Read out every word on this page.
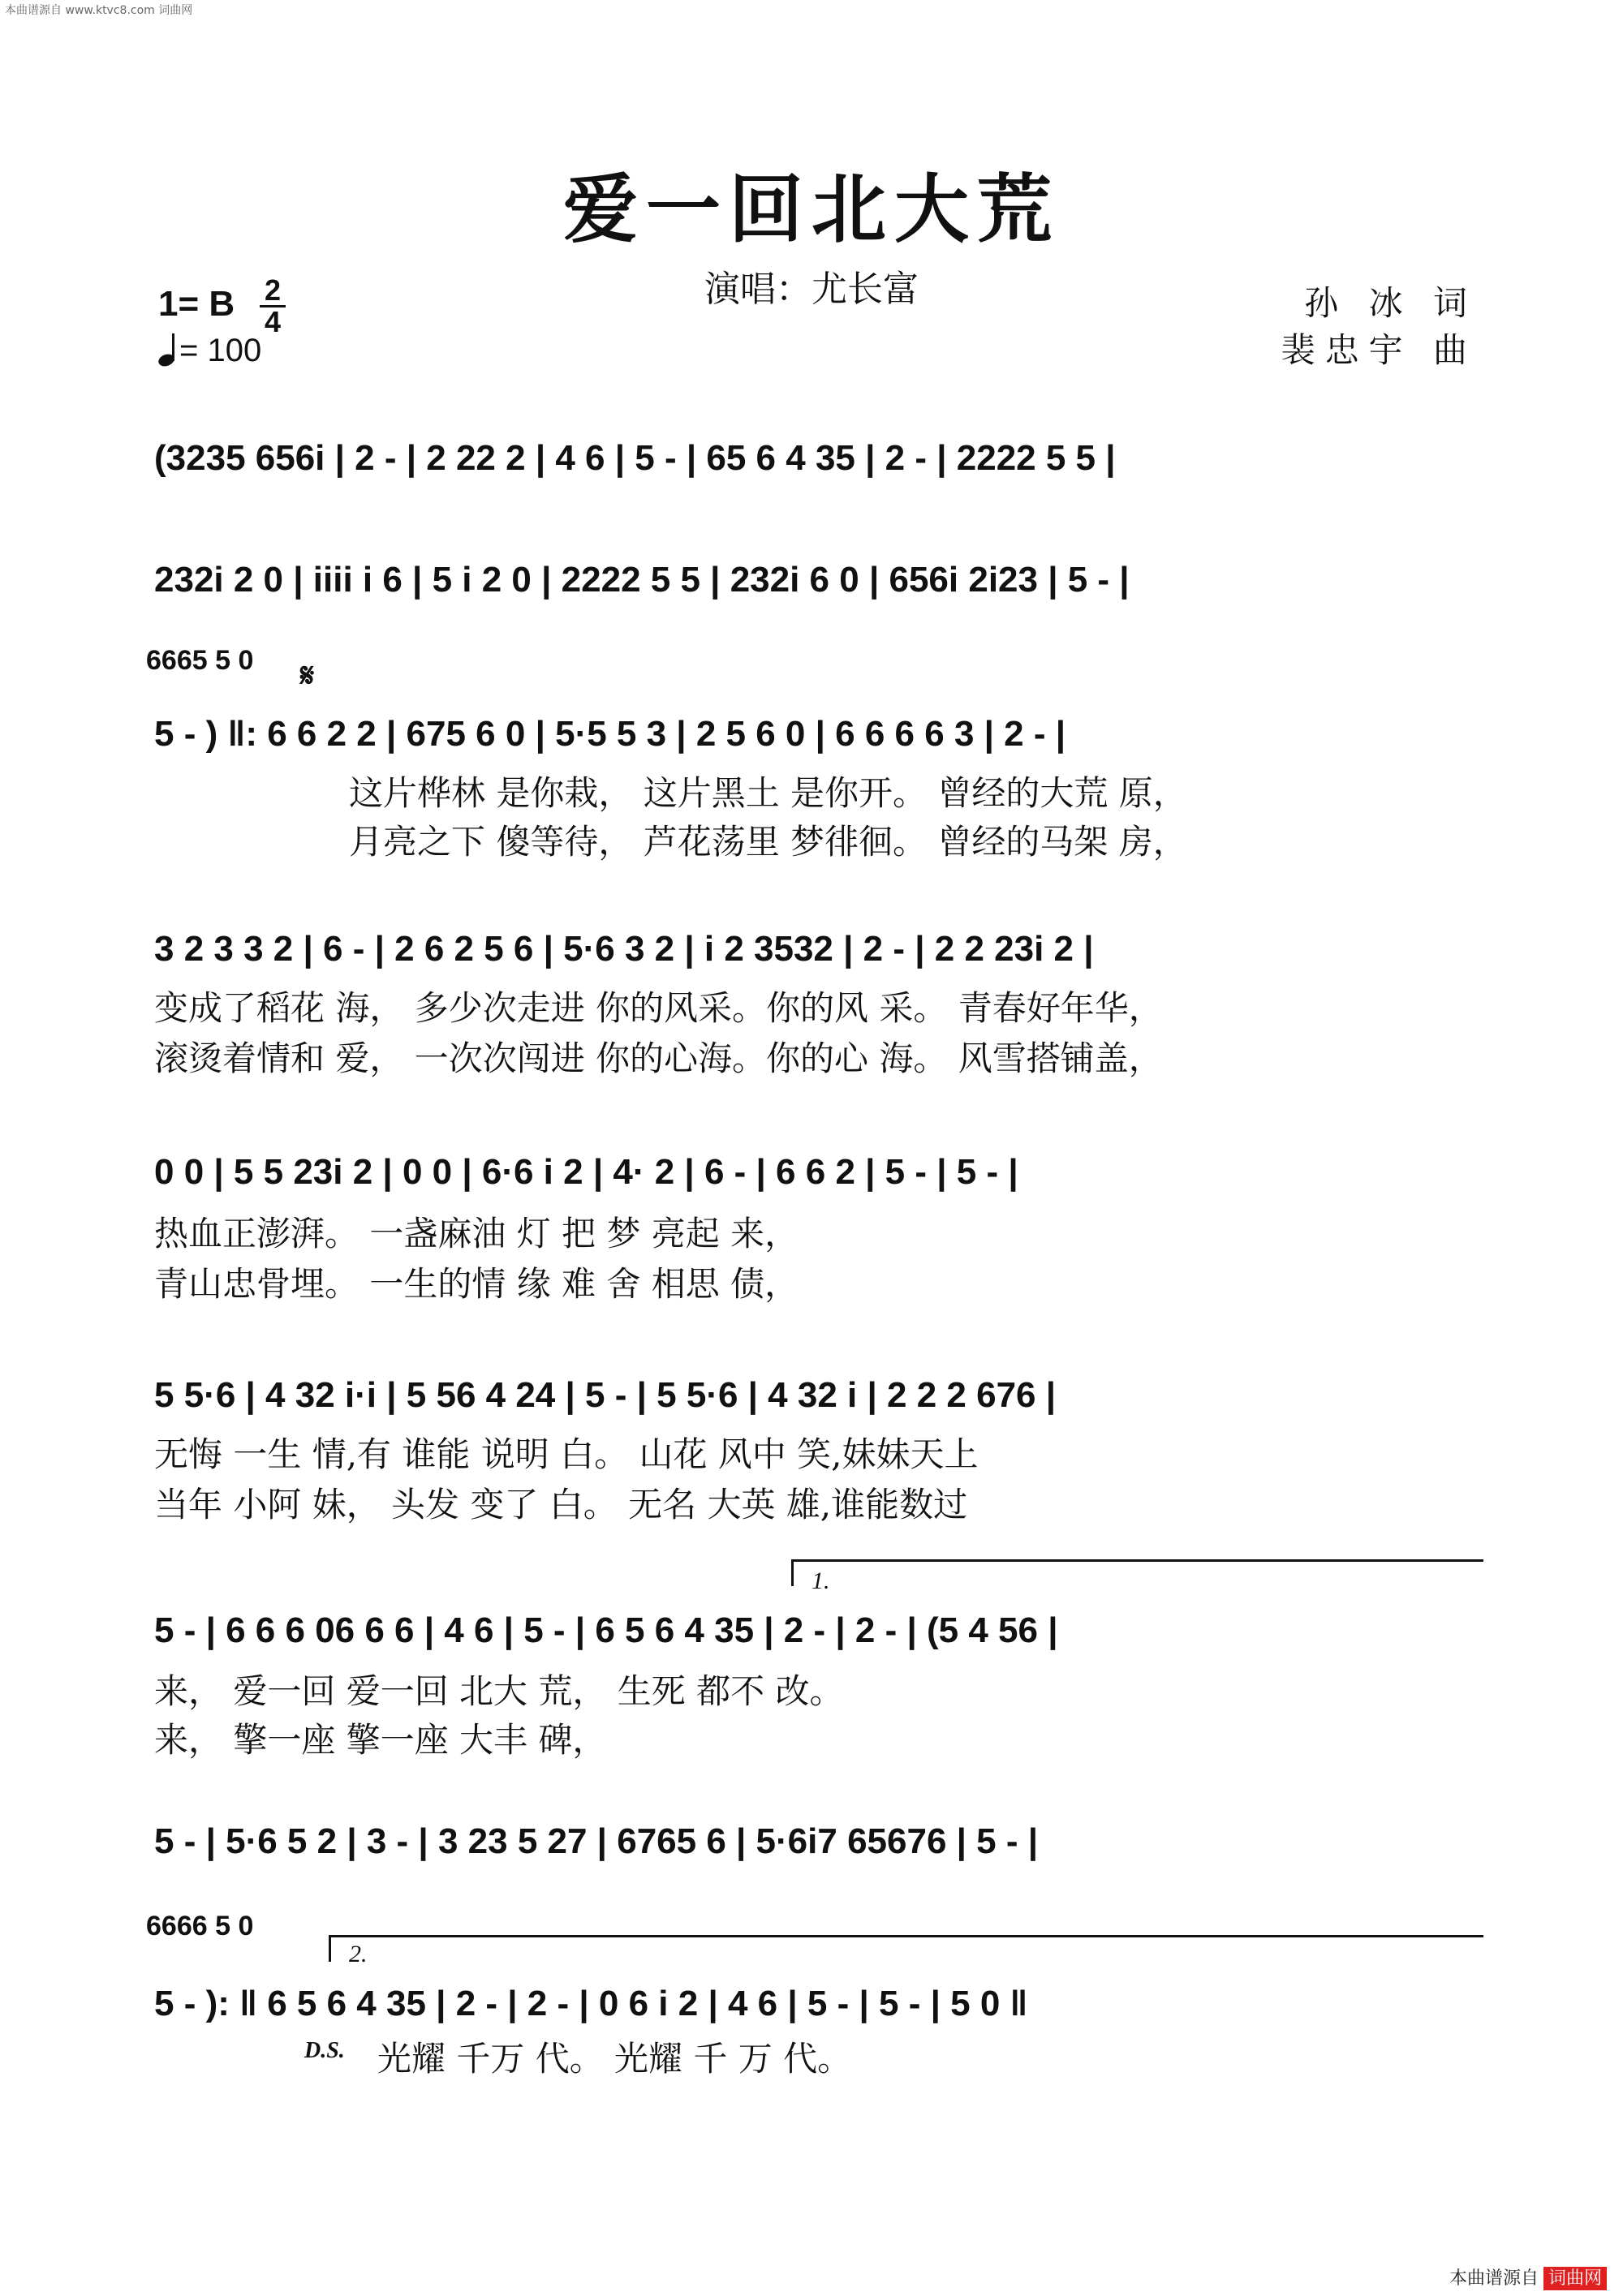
本曲谱源自 www.ktvc8.com 词曲网
爱一回北大荒
演唱：尤长富
1= B 2
4
= 100
孙 冰 词
裴忠宇 曲
(3235 656i | 2 - | 2 22 2 | 4 6 | 5 - | 65 6 4 35 | 2 - | 2222 5 5 |
232i 2 0 | iiii i 6 | 5 i 2 0 | 2222 5 5 | 232i 6 0 | 656i 2i23 | 5 - |
6665 5 0 𝄋
5 - ) ‖: 6 6 2 2 | 675 6 0 | 5·5 5 3 | 2 5 6 0 | 6 6 6 6 3 | 2 - |
这片桦林 是你栽， 这片黑土 是你开。 曾经的大荒 原，
月亮之下 傻等待， 芦花荡里 梦徘徊。 曾经的马架 房，
3 2 3 3 2 | 6 - | 2 6 2 5 6 | 5·6 3 2 | i 2 3532 | 2 - | 2 2 23i 2 |
变成了稻花 海， 多少次走进 你的风采。你的风 采。 青春好年华，
滚烫着情和 爱， 一次次闯进 你的心海。你的心 海。 风雪搭铺盖，
0 0 | 5 5 23i 2 | 0 0 | 6·6 i 2 | 4· 2 | 6 - | 6 6 2 | 5 - | 5 - |
热血正澎湃。 一盏麻油 灯 把 梦 亮起 来，
青山忠骨埋。 一生的情 缘 难 舍 相思 债，
5 5·6 | 4 32 i·i | 5 56 4 24 | 5 - | 5 5·6 | 4 32 i | 2 2 2 676 |
无悔 一生 情,有 谁能 说明 白。 山花 风中 笑,妹妹天上
当年 小阿 妹， 头发 变了 白。 无名 大英 雄,谁能数过
1.
5 - | 6 6 6 06 6 6 | 4 6 | 5 - | 6 5 6 4 35 | 2 - | 2 - | (5 4 56 |
来， 爱一回 爱一回 北大 荒， 生死 都不 改。
来， 擎一座 擎一座 大丰 碑，
5 - | 5·6 5 2 | 3 - | 3 23 5 27 | 6765 6 | 5·6i7 65676 | 5 - |
6666 5 0
2.
5 - ): ‖ 6 5 6 4 35 | 2 - | 2 - | 0 6 i 2 | 4 6 | 5 - | 5 - | 5 0 ‖
D.S. 光耀 千万 代。 光耀 千 万 代。
本曲谱源自 词曲网
